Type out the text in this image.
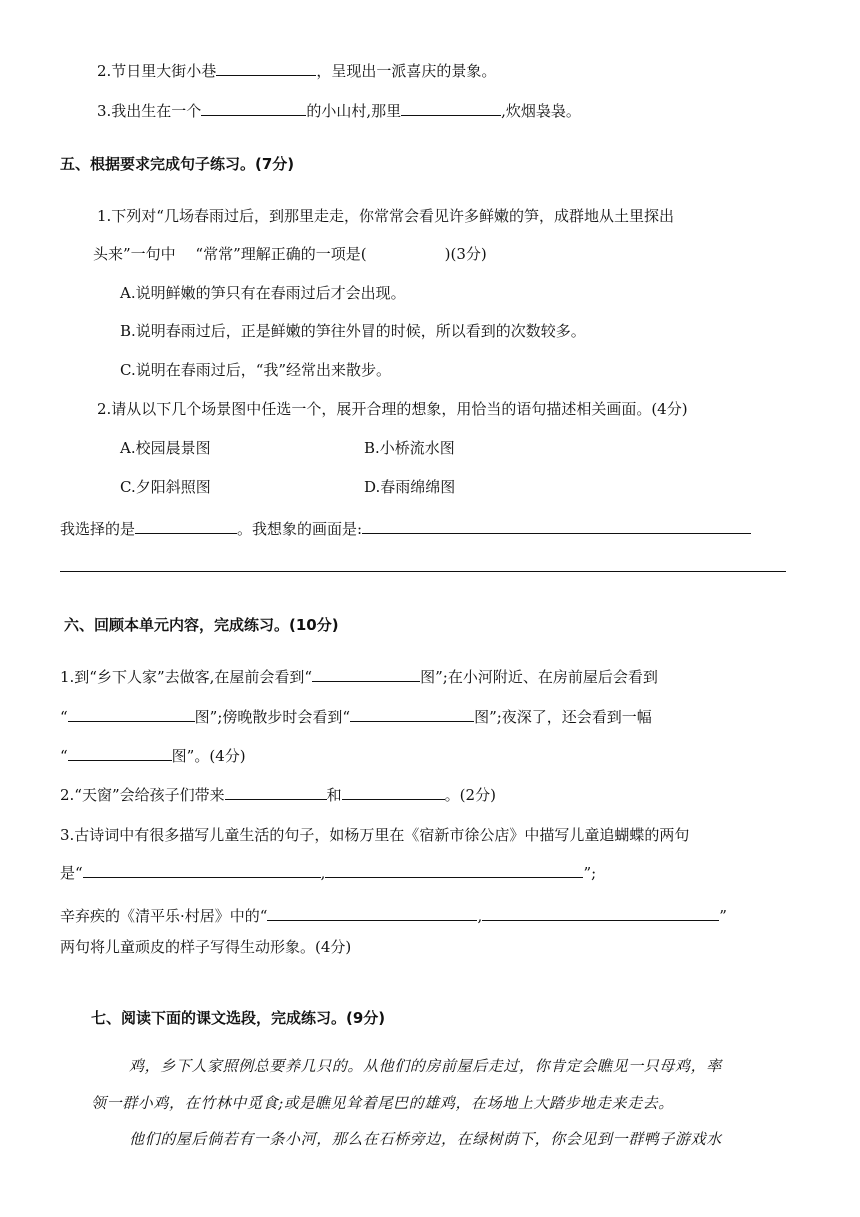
2.节日里大街小巷	，呈现出一派喜庆的景象。
3.我出生在一个	的小山村,那里	,炊烟袅袅。
五、根据要求完成句子练习。(7分)
1.下列对“几场春雨过后，到那里走走，你常常会看见许多鲜嫩的笋，成群地从土里探出
头来”一句中　 “常常”理解正确的一项是(	)(3分)
A.说明鲜嫩的笋只有在春雨过后才会出现。
B.说明春雨过后，正是鲜嫩的笋往外冒的时候，所以看到的次数较多。
C.说明在春雨过后，“我”经常出来散步。
2.请从以下几个场景图中任选一个，展开合理的想象，用恰当的语句描述相关画面。(4分)
A.校园晨景图	B.小桥流水图
C.夕阳斜照图	D.春雨绵绵图
我选择的是	。我想象的画面是:
六、回顾本单元内容，完成练习。(10分)
1.到“乡下人家”去做客,在屋前会看到“	图”;在小河附近、在房前屋后会看到
“	图”;傍晚散步时会看到“	图”;夜深了，还会看到一幅
“	图”。(4分)
2.“天窗”会给孩子们带来	和	。(2分)
3.古诗词中有很多描写儿童生活的句子，如杨万里在《宿新市徐公店》中描写儿童追蝴蝶的两句
是“	,	”;
辛弃疾的《清平乐·村居》中的“	,	”
两句将儿童顽皮的样子写得生动形象。(4分)
七、阅读下面的课文选段，完成练习。(9分)
鸡，乡下人家照例总要养几只的。从他们的房前屋后走过，你肯定会瞧见一只母鸡，率
领一群小鸡，在竹林中觅食;或是瞧见耸着尾巴的雄鸡，在场地上大踏步地走来走去。
他们的屋后倘若有一条小河，那么在石桥旁边，在绿树荫下，你会见到一群鸭子游戏水
